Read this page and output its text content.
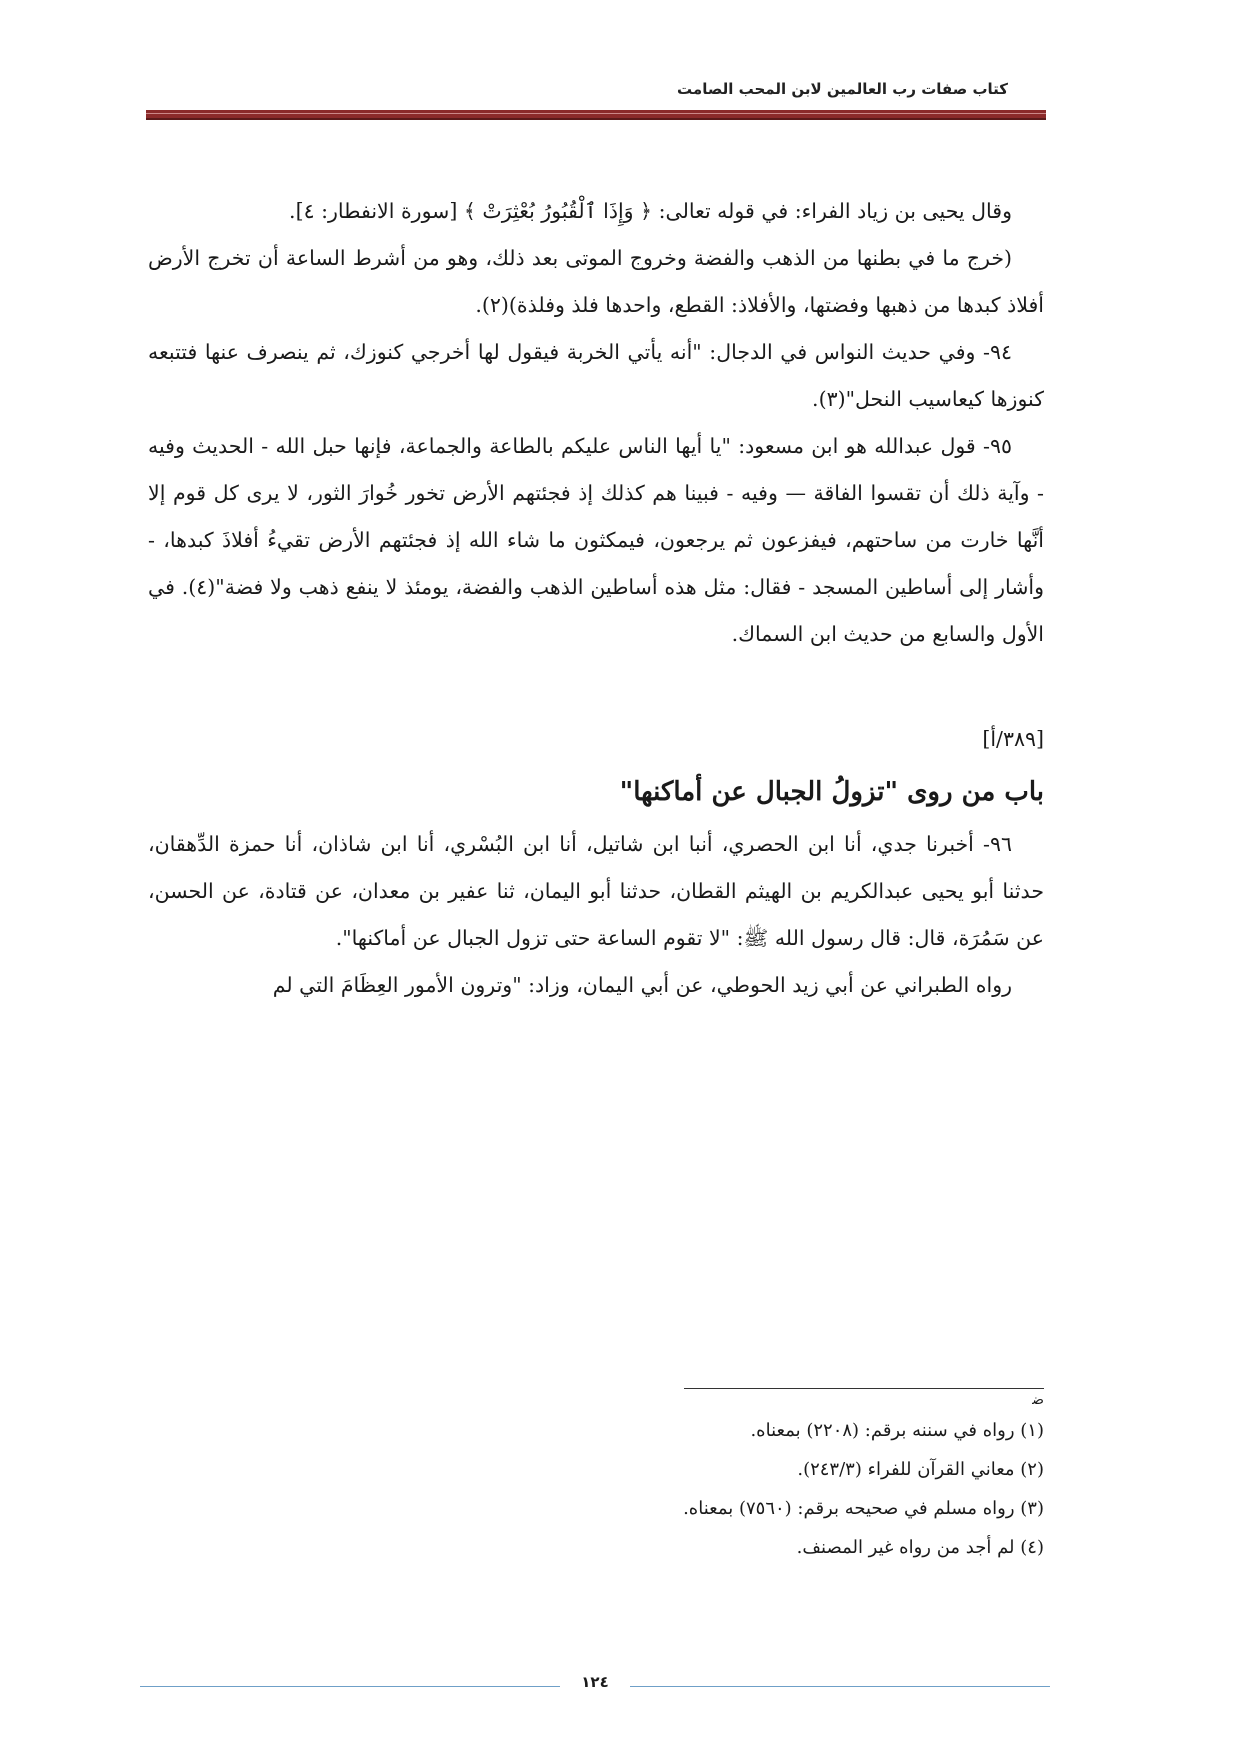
كتاب صفات رب العالمين لابن المحب الصامت

وقال يحيى بن زياد الفراء: في قوله تعالى: ﴿ وَإِذَا ٱلْقُبُورُ بُعْثِرَتْ ﴾ [سورة الانفطار: ٤].

(خرج ما في بطنها من الذهب والفضة وخروج الموتى بعد ذلك، وهو من أشرط الساعة أن تخرج الأرض أفلاذ كبدها من ذهبها وفضتها، والأفلاذ: القطع، واحدها فلذ وفلذة)(٢).

٩٤- وفي حديث النواس في الدجال: "أنه يأتي الخربة فيقول لها أخرجي كنوزك، ثم ينصرف عنها فتتبعه كنوزها كيعاسيب النحل"(٣).

٩٥- قول عبدالله هو ابن مسعود: "يا أيها الناس عليكم بالطاعة والجماعة، فإنها حبل الله - الحديث وفيه - وآية ذلك أن تقسوا الفاقة — وفيه - فبينا هم كذلك إذ فجئتهم الأرض تخور خُوارَ الثور، لا يرى كل قوم إلا أنَّها خارت من ساحتهم، فيفزعون ثم يرجعون، فيمكثون ما شاء الله إذ فجئتهم الأرض تقيءُ أفلاذَ كبدها، - وأشار إلى أساطين المسجد - فقال: مثل هذه أساطين الذهب والفضة، يومئذ لا ينفع ذهب ولا فضة"(٤). في الأول والسابع من حديث ابن السماك.

[٣٨٩/أ]

باب من روى "تزولُ الجبال عن أماكنها"

٩٦- أخبرنا جدي، أنا ابن الحصري، أنبا ابن شاتيل، أنا ابن البُسْري، أنا ابن شاذان، أنا حمزة الدِّهقان، حدثنا أبو يحيى عبدالكريم بن الهيثم القطان، حدثنا أبو اليمان، ثنا عفير بن معدان، عن قتادة، عن الحسن، عن سَمُرَة، قال: قال رسول الله ﷺ: "لا تقوم الساعة حتى تزول الجبال عن أماكنها".

رواه الطبراني عن أبي زيد الحوطي، عن أبي اليمان، وزاد: "وترون الأمور العِظَامَ التي لم

ﺿ

(١) رواه في سننه برقم: (٢٢٠٨) بمعناه.

(٢) معاني القرآن للفراء (٢٤٣/٣).

(٣) رواه مسلم في صحيحه برقم: (٧٥٦٠) بمعناه.

(٤) لم أجد من رواه غير المصنف.

١٢٤
